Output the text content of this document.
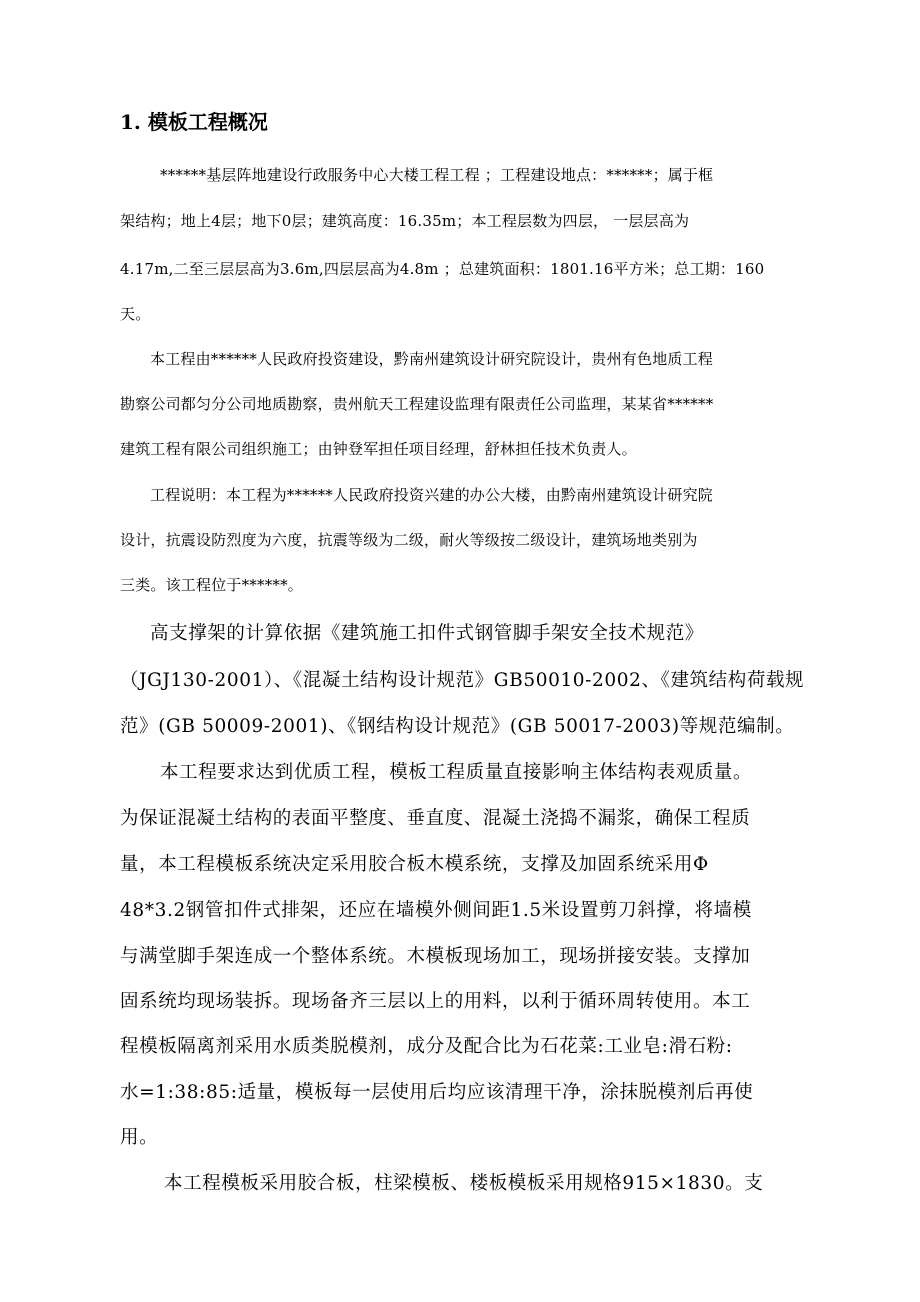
1. 模板工程概况
******基层阵地建设行政服务中心大楼工程工程 ；工程建设地点：******；属于框
架结构；地上4层；地下0层；建筑高度：16.35m；本工程层数为四层， 一层层高为
4.17m,二至三层层高为3.6m,四层层高为4.8m ；总建筑面积：1801.16平方米；总工期：160
天。
本工程由******人民政府投资建设，黔南州建筑设计研究院设计，贵州有色地质工程
勘察公司都匀分公司地质勘察，贵州航天工程建设监理有限责任公司监理，某某省******
建筑工程有限公司组织施工；由钟登军担任项目经理，舒林担任技术负责人。
工程说明：本工程为******人民政府投资兴建的办公大楼，由黔南州建筑设计研究院
设计，抗震设防烈度为六度，抗震等级为二级，耐火等级按二级设计，建筑场地类别为
三类。该工程位于******。
高支撑架的计算依据《建筑施工扣件式钢管脚手架安全技术规范》
（JGJ130-2001）、《混凝土结构设计规范》GB50010-2002、《建筑结构荷载规
范》(GB 50009-2001)、《钢结构设计规范》(GB 50017-2003)等规范编制。
本工程要求达到优质工程，模板工程质量直接影响主体结构表观质量。
为保证混凝土结构的表面平整度、垂直度、混凝土浇捣不漏浆，确保工程质
量，本工程模板系统决定采用胶合板木模系统，支撑及加固系统采用Φ
48*3.2钢管扣件式排架，还应在墙模外侧间距1.5米设置剪刀斜撑，将墙模
与满堂脚手架连成一个整体系统。木模板现场加工，现场拼接安装。支撑加
固系统均现场装拆。现场备齐三层以上的用料，以利于循环周转使用。本工
程模板隔离剂采用水质类脱模剂，成分及配合比为石花菜:工业皂:滑石粉:
水=1:38:85:适量，模板每一层使用后均应该清理干净，涂抹脱模剂后再使
用。
本工程模板采用胶合板，柱梁模板、楼板模板采用规格915×1830。支
